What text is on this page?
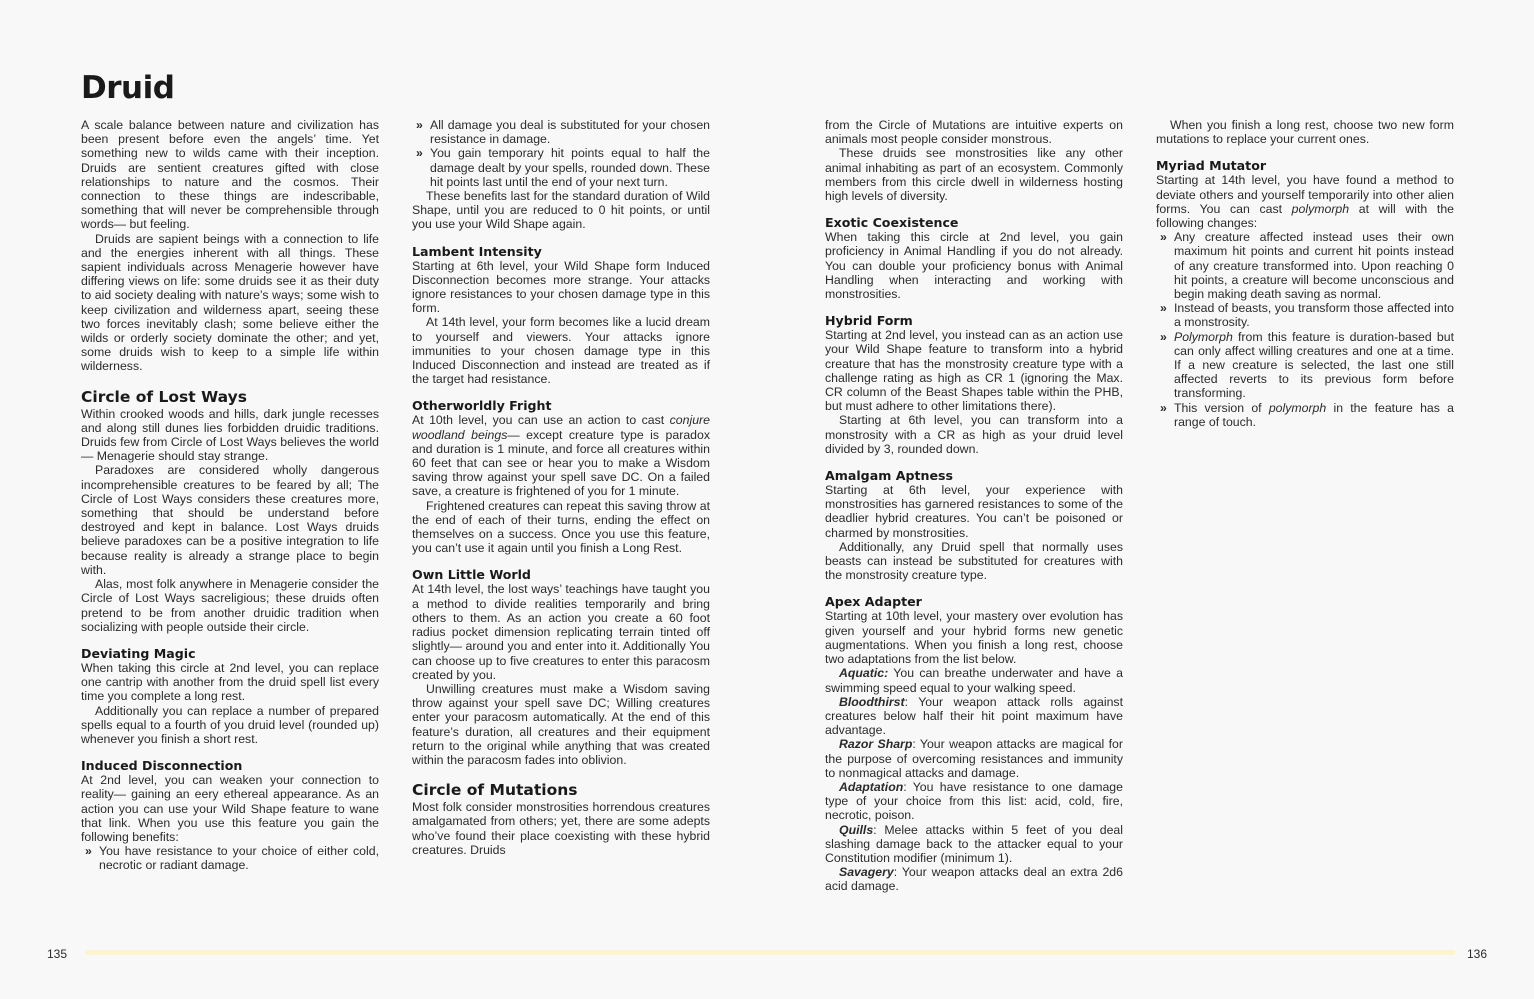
Druid

A scale balance between nature and civilization has been present before even the angels’ time. Yet something new to wilds came with their inception. Druids are sentient creatures gifted with close relationships to nature and the cosmos. Their connection to these things are indescribable, something that will never be comprehensible through words— but feeling.

Druids are sapient beings with a connection to life and the energies inherent with all things. These sapient individuals across Menagerie however have differing views on life: some druids see it as their duty to aid society dealing with nature’s ways; some wish to keep civilization and wilderness apart, seeing these two forces inevitably clash; some believe either the wilds or orderly society dominate the other; and yet, some druids wish to keep to a simple life within wilderness.

Circle of Lost Ways

Within crooked woods and hills, dark jungle recesses and along still dunes lies forbidden druidic traditions. Druids few from Circle of Lost Ways believes the world— Menagerie should stay strange.

Paradoxes are considered wholly dangerous incomprehensible creatures to be feared by all; The Circle of Lost Ways considers these creatures more, something that should be understand before destroyed and kept in balance. Lost Ways druids believe paradoxes can be a positive integration to life because reality is already a strange place to begin with.

Alas, most folk anywhere in Menagerie consider the Circle of Lost Ways sacreligious; these druids often pretend to be from another druidic tradition when socializing with people outside their circle.

Deviating Magic

When taking this circle at 2nd level, you can replace one cantrip with another from the druid spell list every time you complete a long rest.

Additionally you can replace a number of prepared spells equal to a fourth of you druid level (rounded up) whenever you finish a short rest.

Induced Disconnection

At 2nd level, you can weaken your connection to reality— gaining an eery ethereal appearance. As an action you can use your Wild Shape feature to wane that link. When you use this feature you gain the following benefits:

» You have resistance to your choice of either cold, necrotic or radiant damage.
» All damage you deal is substituted for your chosen resistance in damage.
» You gain temporary hit points equal to half the damage dealt by your spells, rounded down. These hit points last until the end of your next turn.

These benefits last for the standard duration of Wild Shape, until you are reduced to 0 hit points, or until you use your Wild Shape again.

Lambent Intensity

Starting at 6th level, your Wild Shape form Induced Disconnection becomes more strange. Your attacks ignore resistances to your chosen damage type in this form.

At 14th level, your form becomes like a lucid dream to yourself and viewers. Your attacks ignore immunities to your chosen damage type in this Induced Disconnection and instead are treated as if the target had resistance.

Otherworldly Fright

At 10th level, you can use an action to cast conjure woodland beings— except creature type is paradox and duration is 1 minute, and force all creatures within 60 feet that can see or hear you to make a Wisdom saving throw against your spell save DC. On a failed save, a creature is frightened of you for 1 minute.

Frightened creatures can repeat this saving throw at the end of each of their turns, ending the effect on themselves on a success. Once you use this feature, you can’t use it again until you finish a Long Rest.

Own Little World

At 14th level, the lost ways’ teachings have taught you a method to divide realities temporarily and bring others to them. As an action you create a 60 foot radius pocket dimension replicating terrain tinted off slightly— around you and enter into it. Additionally You can choose up to five creatures to enter this paracosm created by you.

Unwilling creatures must make a Wisdom saving throw against your spell save DC; Willing creatures enter your paracosm automatically. At the end of this feature’s duration, all creatures and their equipment return to the original while anything that was created within the paracosm fades into oblivion.

Circle of Mutations

Most folk consider monstrosities horrendous creatures amalgamated from others; yet, there are some adepts who’ve found their place coexisting with these hybrid creatures. Druids

from the Circle of Mutations are intuitive experts on animals most people consider monstrous.

These druids see monstrosities like any other animal inhabiting as part of an ecosystem. Commonly members from this circle dwell in wilderness hosting high levels of diversity.

Exotic Coexistence

When taking this circle at 2nd level, you gain proficiency in Animal Handling if you do not already. You can double your proficiency bonus with Animal Handling when interacting and working with monstrosities.

Hybrid Form

Starting at 2nd level, you instead can as an action use your Wild Shape feature to transform into a hybrid creature that has the monstrosity creature type with a challenge rating as high as CR 1 (ignoring the Max. CR column of the Beast Shapes table within the PHB, but must adhere to other limitations there).

Starting at 6th level, you can transform into a monstrosity with a CR as high as your druid level divided by 3, rounded down.

Amalgam Aptness

Starting at 6th level, your experience with monstrosities has garnered resistances to some of the deadlier hybrid creatures. You can’t be poisoned or charmed by monstrosities.

Additionally, any Druid spell that normally uses beasts can instead be substituted for creatures with the monstrosity creature type.

Apex Adapter

Starting at 10th level, your mastery over evolution has given yourself and your hybrid forms new genetic augmentations. When you finish a long rest, choose two adaptations from the list below.

Aquatic: You can breathe underwater and have a swimming speed equal to your walking speed.

Bloodthirst: Your weapon attack rolls against creatures below half their hit point maximum have advantage.

Razor Sharp: Your weapon attacks are magical for the purpose of overcoming resistances and immunity to nonmagical attacks and damage.

Adaptation: You have resistance to one damage type of your choice from this list: acid, cold, fire, necrotic, poison.

Quills: Melee attacks within 5 feet of you deal slashing damage back to the attacker equal to your Constitution modifier (minimum 1).

Savagery: Your weapon attacks deal an extra 2d6 acid damage.

When you finish a long rest, choose two new form mutations to replace your current ones.

Myriad Mutator

Starting at 14th level, you have found a method to deviate others and yourself temporarily into other alien forms. You can cast polymorph at will with the following changes:

» Any creature affected instead uses their own maximum hit points and current hit points instead of any creature transformed into. Upon reaching 0 hit points, a creature will become unconscious and begin making death saving as normal.
» Instead of beasts, you transform those affected into a monstrosity.
» Polymorph from this feature is duration-based but can only affect willing creatures and one at a time. If a new creature is selected, the last one still affected reverts to its previous form before transforming.
» This version of polymorph in the feature has a range of touch.
135	136
